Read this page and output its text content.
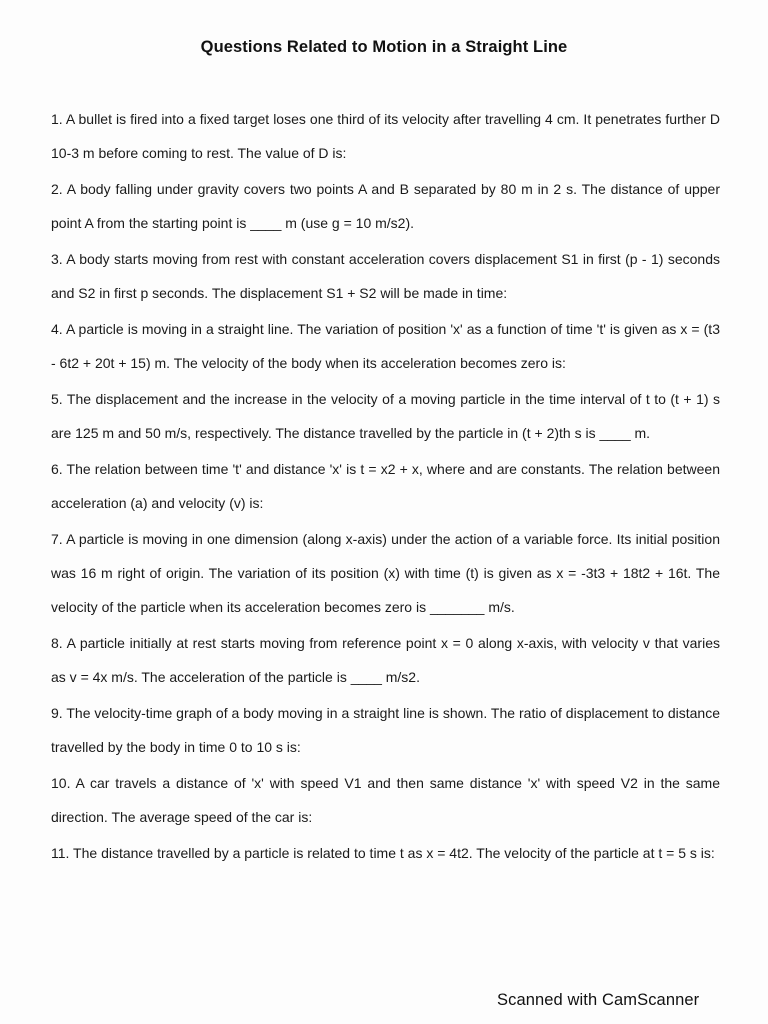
Questions Related to Motion in a Straight Line
1. A bullet is fired into a fixed target loses one third of its velocity after travelling 4 cm. It penetrates further D 10-3 m before coming to rest. The value of D is:
2. A body falling under gravity covers two points A and B separated by 80 m in 2 s. The distance of upper point A from the starting point is ____ m (use g = 10 m/s2).
3. A body starts moving from rest with constant acceleration covers displacement S1 in first (p - 1) seconds and S2 in first p seconds. The displacement S1 + S2 will be made in time:
4. A particle is moving in a straight line. The variation of position 'x' as a function of time 't' is given as x = (t3 - 6t2 + 20t + 15) m. The velocity of the body when its acceleration becomes zero is:
5. The displacement and the increase in the velocity of a moving particle in the time interval of t to (t + 1) s are 125 m and 50 m/s, respectively. The distance travelled by the particle in (t + 2)th s is ____ m.
6. The relation between time 't' and distance 'x' is t = x2 + x, where and are constants. The relation between acceleration (a) and velocity (v) is:
7. A particle is moving in one dimension (along x-axis) under the action of a variable force. Its initial position was 16 m right of origin. The variation of its position (x) with time (t) is given as x = -3t3 + 18t2 + 16t. The velocity of the particle when its acceleration becomes zero is _______ m/s.
8. A particle initially at rest starts moving from reference point x = 0 along x-axis, with velocity v that varies as v = 4x m/s. The acceleration of the particle is ____ m/s2.
9. The velocity-time graph of a body moving in a straight line is shown. The ratio of displacement to distance travelled by the body in time 0 to 10 s is:
10. A car travels a distance of 'x' with speed V1 and then same distance 'x' with speed V2 in the same direction. The average speed of the car is:
11. The distance travelled by a particle is related to time t as x = 4t2. The velocity of the particle at t = 5 s is:
Scanned with CamScanner
